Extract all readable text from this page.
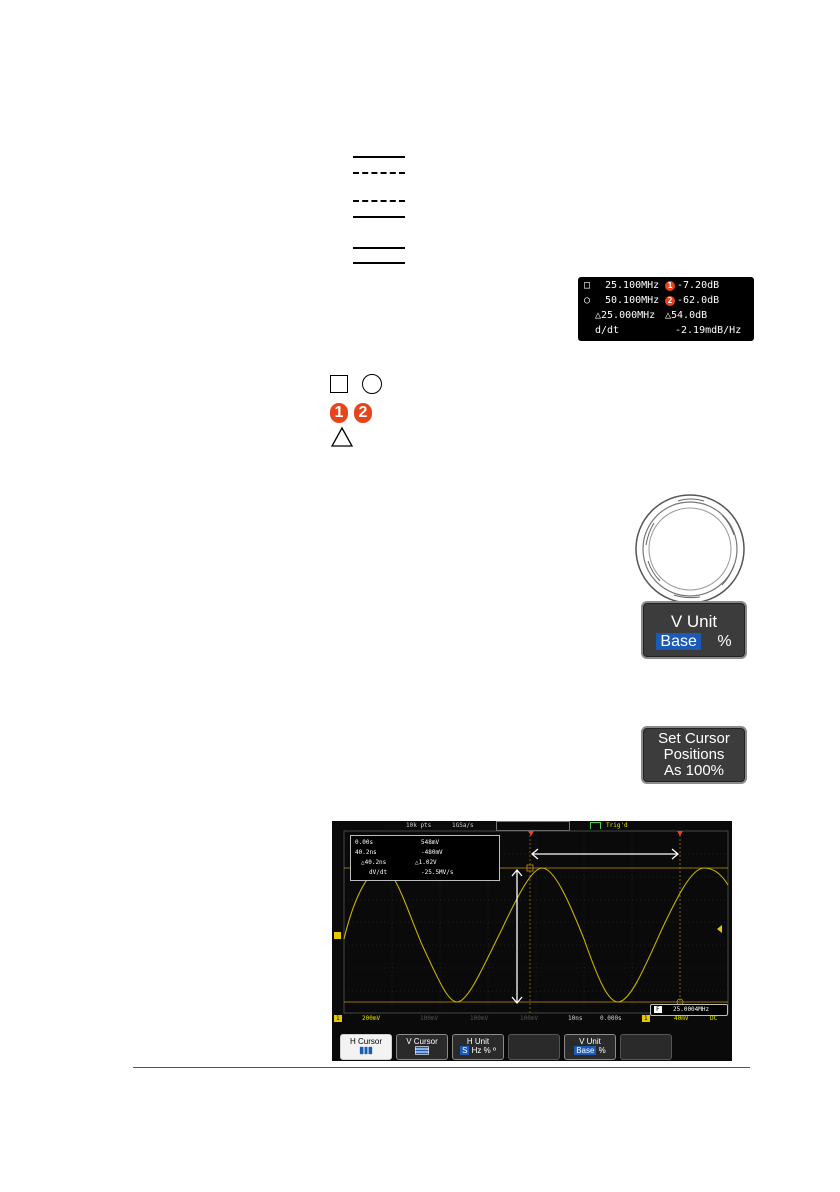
□ 25.100MHz	1 -7.20dB
○ 50.100MHz	2 -62.0dB
△25.000MHz △54.0dB
d/dt	-2.19mdB/Hz
1 2
V Unit
Base %
Set Cursor
Positions
As 100%
10k pts	1GSa/s	Trig'd
0.00s	548mV
40.2ns	-480mV
△40.2ns	△1.02V
dV/dt	-25.5MV/s
F	25.0004MHz
1	200mV	100mV	100mV	100mV	10ns	0.000s	1	40mV	DC
H Cursor	V Cursor	H Unit
S Hz % º
V Unit
Base %
